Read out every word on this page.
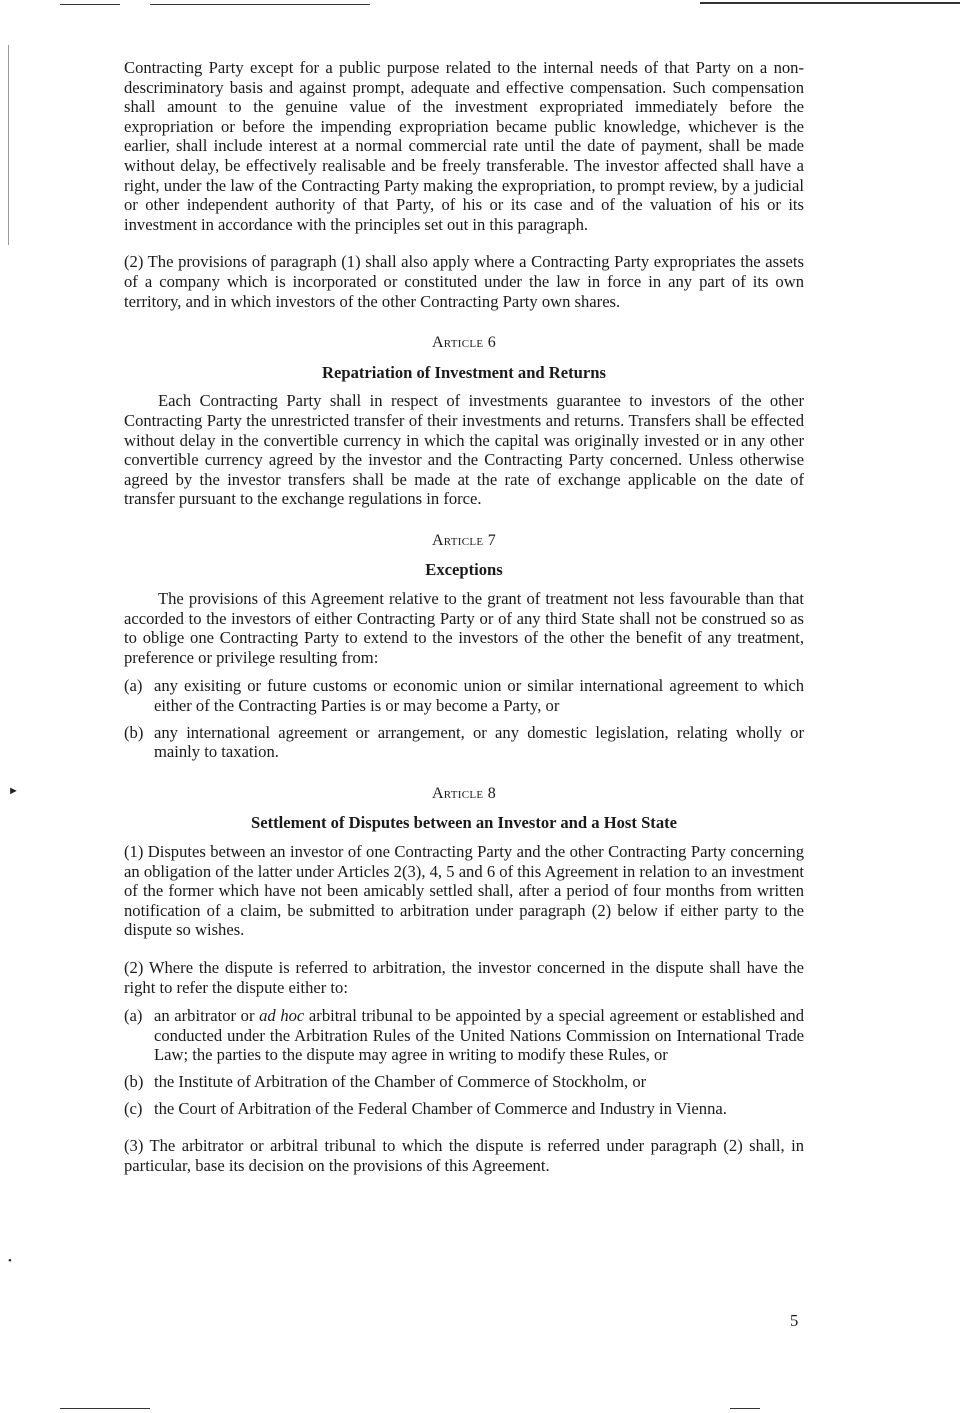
►
•

Contracting Party except for a public purpose related to the internal needs of that Party on a non-descriminatory basis and against prompt, adequate and effective compensation. Such compensation shall amount to the genuine value of the investment expropriated immediately before the expropriation or before the impending expropriation became public knowledge, whichever is the earlier, shall include interest at a normal commercial rate until the date of payment, shall be made without delay, be effectively realisable and be freely transferable. The investor affected shall have a right, under the law of the Contracting Party making the expropriation, to prompt review, by a judicial or other independent authority of that Party, of his or its case and of the valuation of his or its investment in accordance with the principles set out in this paragraph.

(2) The provisions of paragraph (1) shall also apply where a Contracting Party expropriates the assets of a company which is incorporated or constituted under the law in force in any part of its own territory, and in which investors of the other Contracting Party own shares.

Article 6
Repatriation of Investment and Returns

Each Contracting Party shall in respect of investments guarantee to investors of the other Contracting Party the unrestricted transfer of their investments and returns. Transfers shall be effected without delay in the convertible currency in which the capital was originally invested or in any other convertible currency agreed by the investor and the Contracting Party concerned. Unless otherwise agreed by the investor transfers shall be made at the rate of exchange applicable on the date of transfer pursuant to the exchange regulations in force.

Article 7
Exceptions

The provisions of this Agreement relative to the grant of treatment not less favourable than that accorded to the investors of either Contracting Party or of any third State shall not be construed so as to oblige one Contracting Party to extend to the investors of the other the benefit of any treatment, preference or privilege resulting from:

(a) any exisiting or future customs or economic union or similar international agreement to which either of the Contracting Parties is or may become a Party, or
(b) any international agreement or arrangement, or any domestic legislation, relating wholly or mainly to taxation.
Article 8
Settlement of Disputes between an Investor and a Host State

(1) Disputes between an investor of one Contracting Party and the other Contracting Party concerning an obligation of the latter under Articles 2(3), 4, 5 and 6 of this Agreement in relation to an investment of the former which have not been amicably settled shall, after a period of four months from written notification of a claim, be submitted to arbitration under paragraph (2) below if either party to the dispute so wishes.

(2) Where the dispute is referred to arbitration, the investor concerned in the dispute shall have the right to refer the dispute either to:

(a) an arbitrator or ad hoc arbitral tribunal to be appointed by a special agreement or established and conducted under the Arbitration Rules of the United Nations Commission on International Trade Law; the parties to the dispute may agree in writing to modify these Rules, or
(b) the Institute of Arbitration of the Chamber of Commerce of Stockholm, or
(c) the Court of Arbitration of the Federal Chamber of Commerce and Industry in Vienna.

(3) The arbitrator or arbitral tribunal to which the dispute is referred under paragraph (2) shall, in particular, base its decision on the provisions of this Agreement.

5
